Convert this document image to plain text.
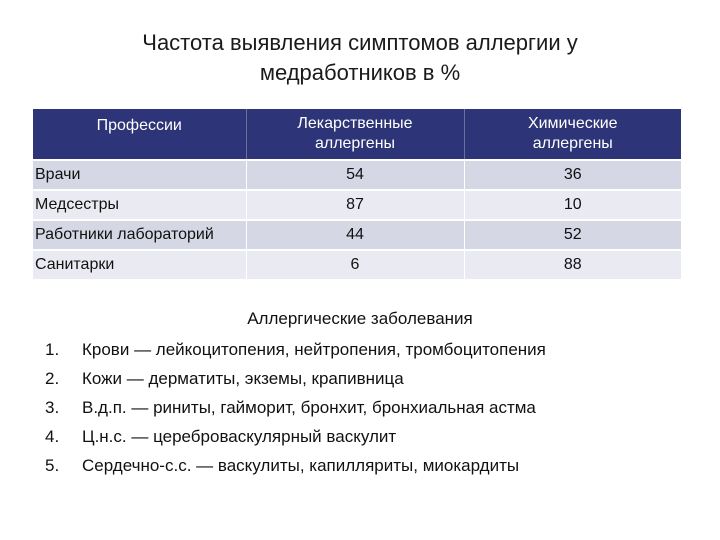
Частота выявления симптомов аллергии у
медработников в %
Профессии	Лекарственные аллергены	Химические аллергены
Врачи	54	36
Медсестры	87	10
Работники лабораторий	44	52
Санитарки	6	88
Аллергические заболевания
1. Крови — лейкоцитопения, нейтропения, тромбоцитопения
2. Кожи — дерматиты, экземы, крапивница
3. В.д.п. — риниты, гайморит, бронхит, бронхиальная астма
4. Ц.н.с. — цереброваскулярный васкулит
5. Сердечно-с.с. — васкулиты, капилляриты, миокардиты
